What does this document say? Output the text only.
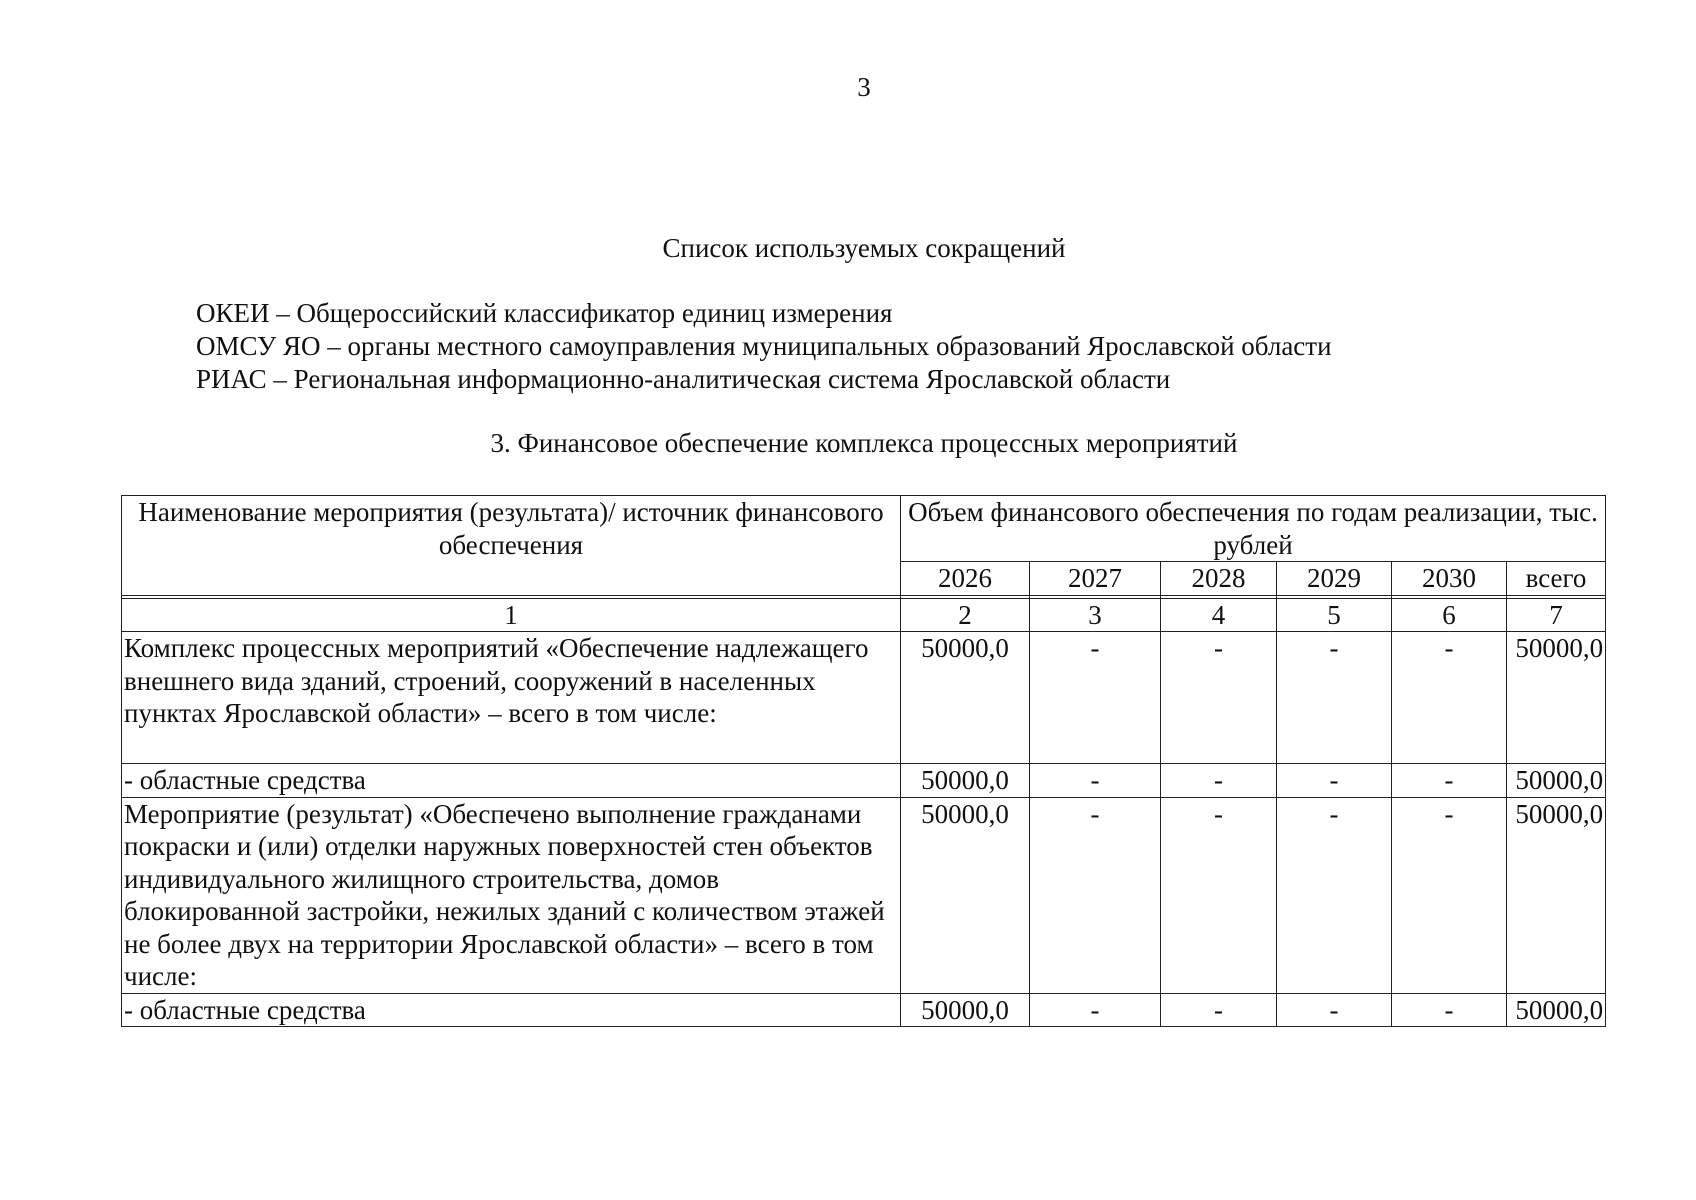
3
Список используемых сокращений
ОКЕИ – Общероссийский классификатор единиц измерения
ОМСУ ЯО – органы местного самоуправления муниципальных образований Ярославской области
РИАС – Региональная информационно-аналитическая система Ярославской области
3. Финансовое обеспечение комплекса процессных мероприятий
Наименование мероприятия (результата)/ источник финансового обеспечения	Объем финансового обеспечения по годам реализации, тыс. рублей					
	2026	2027	2028	2029	2030	всего

1	2	3	4	5	6	7
Комплекс процессных мероприятий «Обеспечение надлежащего внешнего вида зданий, строений, сооружений в населенных пунктах Ярославской области» – всего в том числе:	50000,0	-	-	-	-	50000,0
- областные средства	50000,0	-	-	-	-	50000,0
Мероприятие (результат) «Обеспечено выполнение гражданами покраски и (или) отделки наружных поверхностей стен объектов индивидуального жилищного строительства, домов блокированной застройки, нежилых зданий с количеством этажей не более двух на территории Ярославской области» – всего в том числе:	50000,0	-	-	-	-	50000,0
- областные средства	50000,0	-	-	-	-	50000,0
